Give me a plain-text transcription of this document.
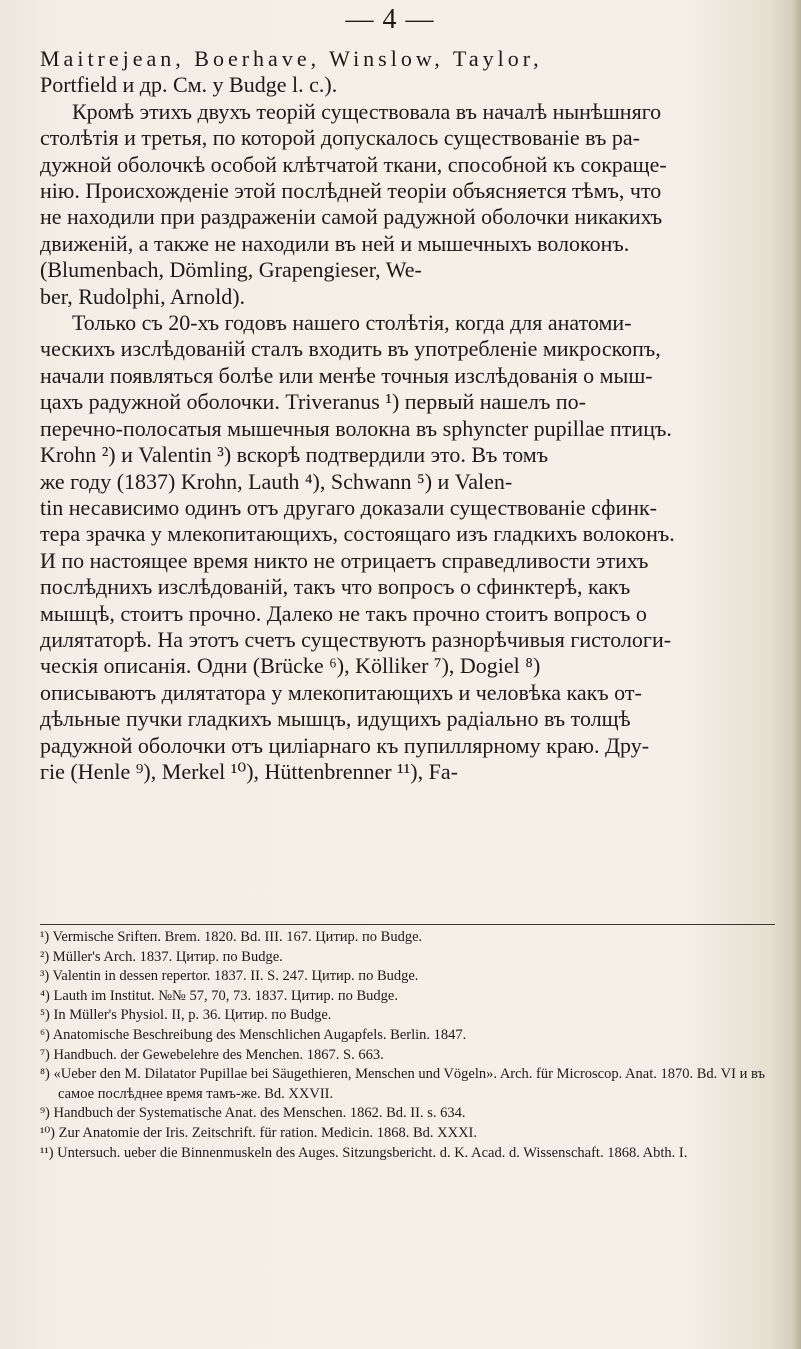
— 4 —

Maitrejean, Boerhave, Winslow, Taylor,

Portfield и др. См. у Budge l. c.).

Кромѣ этихъ двухъ теорій существовала въ началѣ нынѣшняго

столѣтія и третья, по которой допускалось существованіе въ ра-

дужной оболочкѣ особой клѣтчатой ткани, способной къ сокраще-

нію. Происхожденіе этой послѣдней теоріи объясняется тѣмъ, что

не находили при раздраженіи самой радужной оболочки никакихъ

движеній, а также не находили въ ней и мышечныхъ волоконъ.

(Blumenbach, Dömling, Grapengieser, We-

ber, Rudolphi, Arnold).

Только съ 20-хъ годовъ нашего столѣтія, когда для анатоми-

ческихъ изслѣдованій сталъ входить въ употребленіе микроскопъ,

начали появляться болѣе или менѣе точныя изслѣдованія о мыш-

цахъ радужной оболочки. Triveranus ¹) первый нашелъ по-

перечно-полосатыя мышечныя волокна въ sphyncter pupillae птицъ.

Krohn ²) и Valentin ³) вскорѣ подтвердили это. Въ томъ

же году (1837) Krohn, Lauth ⁴), Schwann ⁵) и Valen-

tin несависимо одинъ отъ другаго доказали существованіе сфинк-

тера зрачка у млекопитающихъ, состоящаго изъ гладкихъ волоконъ.

И по настоящее время никто не отрицаетъ справедливости этихъ

послѣднихъ изслѣдованій, такъ что вопросъ о сфинктерѣ, какъ

мышцѣ, стоитъ прочно. Далеко не такъ прочно стоитъ вопросъ о

дилятаторѣ. На этотъ счетъ существуютъ разнорѣчивыя гистологи-

ческія описанія. Одни (Brücke ⁶), Kölliker ⁷), Dogiel ⁸)

описываютъ дилятатора у млекопитающихъ и человѣка какъ от-

дѣльные пучки гладкихъ мышцъ, идущихъ радіально въ толщѣ

радужной оболочки отъ циліарнаго къ пупиллярному краю. Дру-

гіе (Henle ⁹), Merkel ¹⁰), Hüttenbrenner ¹¹), Fa-

¹) Vermische Srifteп. Brem. 1820. Bd. III. 167. Цитир. по Budge.

²) Müller's Arch. 1837. Цитир. по Budge.

³) Valentin in dessen repertor. 1837. II. S. 247. Цитир. по Budge.

⁴) Lauth im Institut. №№ 57, 70, 73. 1837. Цитир. по Budge.

⁵) In Müller's Physiol. II, p. 36. Цитир. по Budge.

⁶) Anatomische Beschreibung des Menschlichen Augapfels. Berlin. 1847.

⁷) Handbuch. der Gewebelehre des Menchen. 1867. S. 663.

⁸) «Ueber den M. Dilatator Pupillae bei Säugethieren, Menschen und Vögeln». Arch. für Microscop. Anat. 1870. Bd. VI и въ самое послѣднее время тамъ-же. Bd. XXVII.

⁹) Handbuch der Systematische Anat. des Menschen. 1862. Bd. II. s. 634.

¹⁰) Zur Anatomie der Iris. Zeitschrift. für ration. Medicin. 1868. Bd. XXXI.

¹¹) Untersuch. ueber die Binnenmuskeln des Auges. Sitzungsbericht. d. K. Acad. d. Wissenschaft. 1868. Abth. I.
